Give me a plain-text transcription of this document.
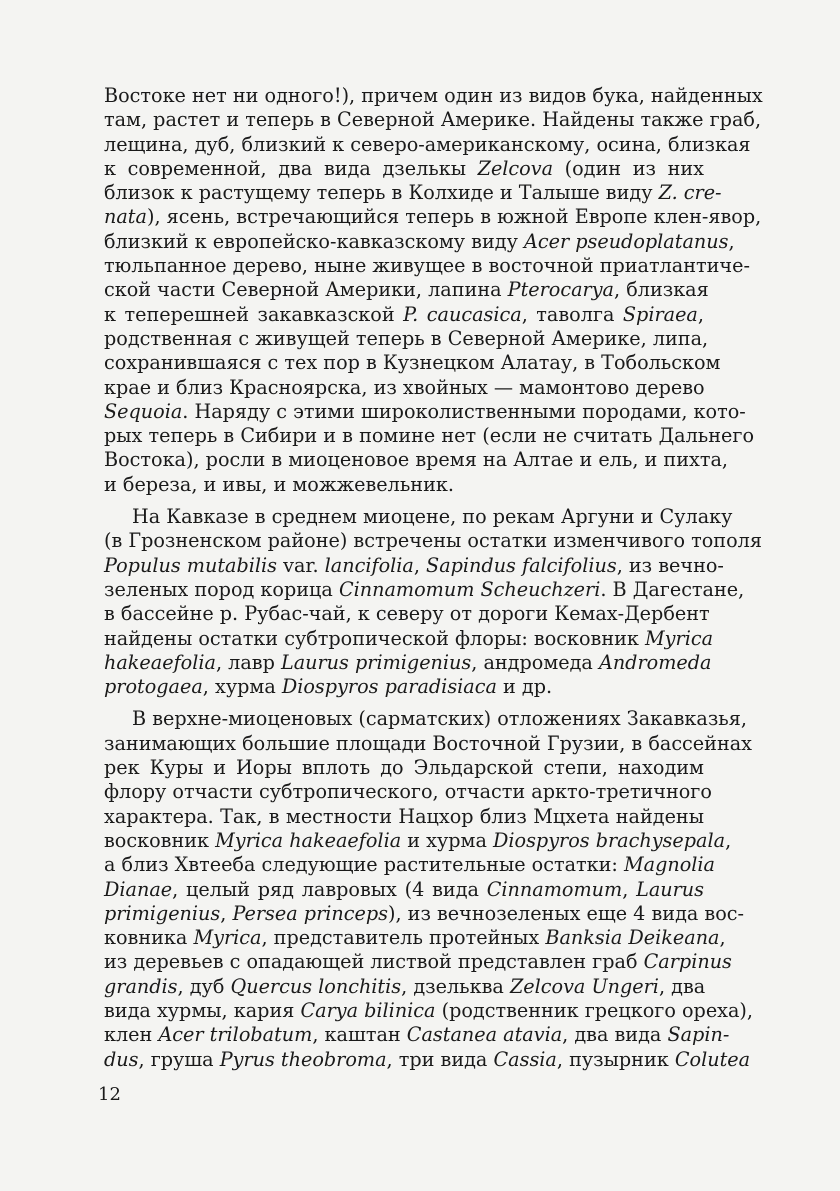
Востоке нет ни одного!), причем один из видов бука, найденных
там, растет и теперь в Северной Америке. Найдены также граб,
лещина, дуб, близкий к северо-американскому, осина, близкая
к современной, два вида дзелькы Zelcova (один из них
близок к растущему теперь в Колхиде и Талыше виду Z. cre-
nata), ясень, встречающийся теперь в южной Европе клен-явор,
близкий к европейско-кавказскому виду Acer pseudoplatanus,
тюльпанное дерево, ныне живущее в восточной приатлантиче-
ской части Северной Америки, лапина Pterocarya, близкая
к теперешней закавказской P. caucasica, таволга Spiraea,
родственная с живущей теперь в Северной Америке, липа,
сохранившаяся с тех пор в Кузнецком Алатау, в Тобольском
крае и близ Красноярска, из хвойных — мамонтово дерево
Sequoia. Наряду с этими широколиственными породами, кото-
рых теперь в Сибири и в помине нет (если не считать Дальнего
Востока), росли в миоценовое время на Алтае и ель, и пихта,
и береза, и ивы, и можжевельник.
На Кавказе в среднем миоцене, по рекам Аргуни и Сулаку
(в Грозненском районе) встречены остатки изменчивого тополя
Populus mutabilis var. lancifolia, Sapindus falcifolius, из вечно-
зеленых пород корица Cinnamomum Scheuchzeri. В Дагестане,
в бассейне р. Рубас-чай, к северу от дороги Кемах-Дербент
найдены остатки субтропической флоры: восковник Myrica
hakeaefolia, лавр Laurus primigenius, андромеда Andromeda
protogaea, хурма Diospyros paradisiaca и др.
В верхне-миоценовых (сарматских) отложениях Закавказья,
занимающих большие площади Восточной Грузии, в бассейнах
рек Куры и Иоры вплоть до Эльдарской степи, находим
флору отчасти субтропического, отчасти аркто-третичного
характера. Так, в местности Нацхор близ Мцхета найдены
восковник Myrica hakeaefolia и хурма Diospyros brachysepala,
а близ Хвтееба следующие растительные остатки: Magnolia
Dianae, целый ряд лавровых (4 вида Cinnamomum, Laurus
primigenius, Persea princeps), из вечнозеленых еще 4 вида вос-
ковника Myrica, представитель протейных Banksia Deikeana,
из деревьев с опадающей листвой представлен граб Carpinus
grandis, дуб Quercus lonchitis, дзельква Zelcova Ungeri, два
вида хурмы, кария Carya bilinica (родственник грецкого ореха),
клен Acer trilobatum, каштан Castanea atavia, два вида Sapin-
dus, груша Pyrus theobroma, три вида Cassia, пузырник Colutea
12
